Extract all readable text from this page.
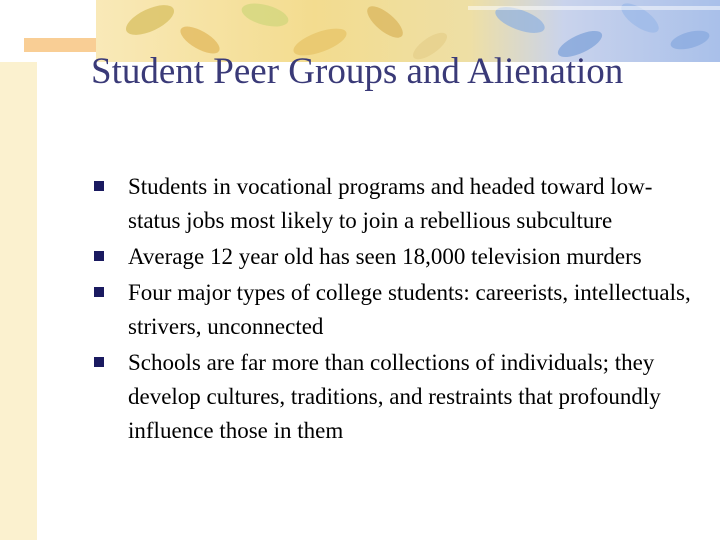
Student Peer Groups and Alienation
Students in vocational programs and headed toward low-status jobs most likely to join a rebellious subculture
Average 12 year old has seen 18,000 television murders
Four major types of college students: careerists, intellectuals, strivers, unconnected
Schools are far more than collections of individuals; they develop cultures, traditions, and restraints that profoundly influence those in them
